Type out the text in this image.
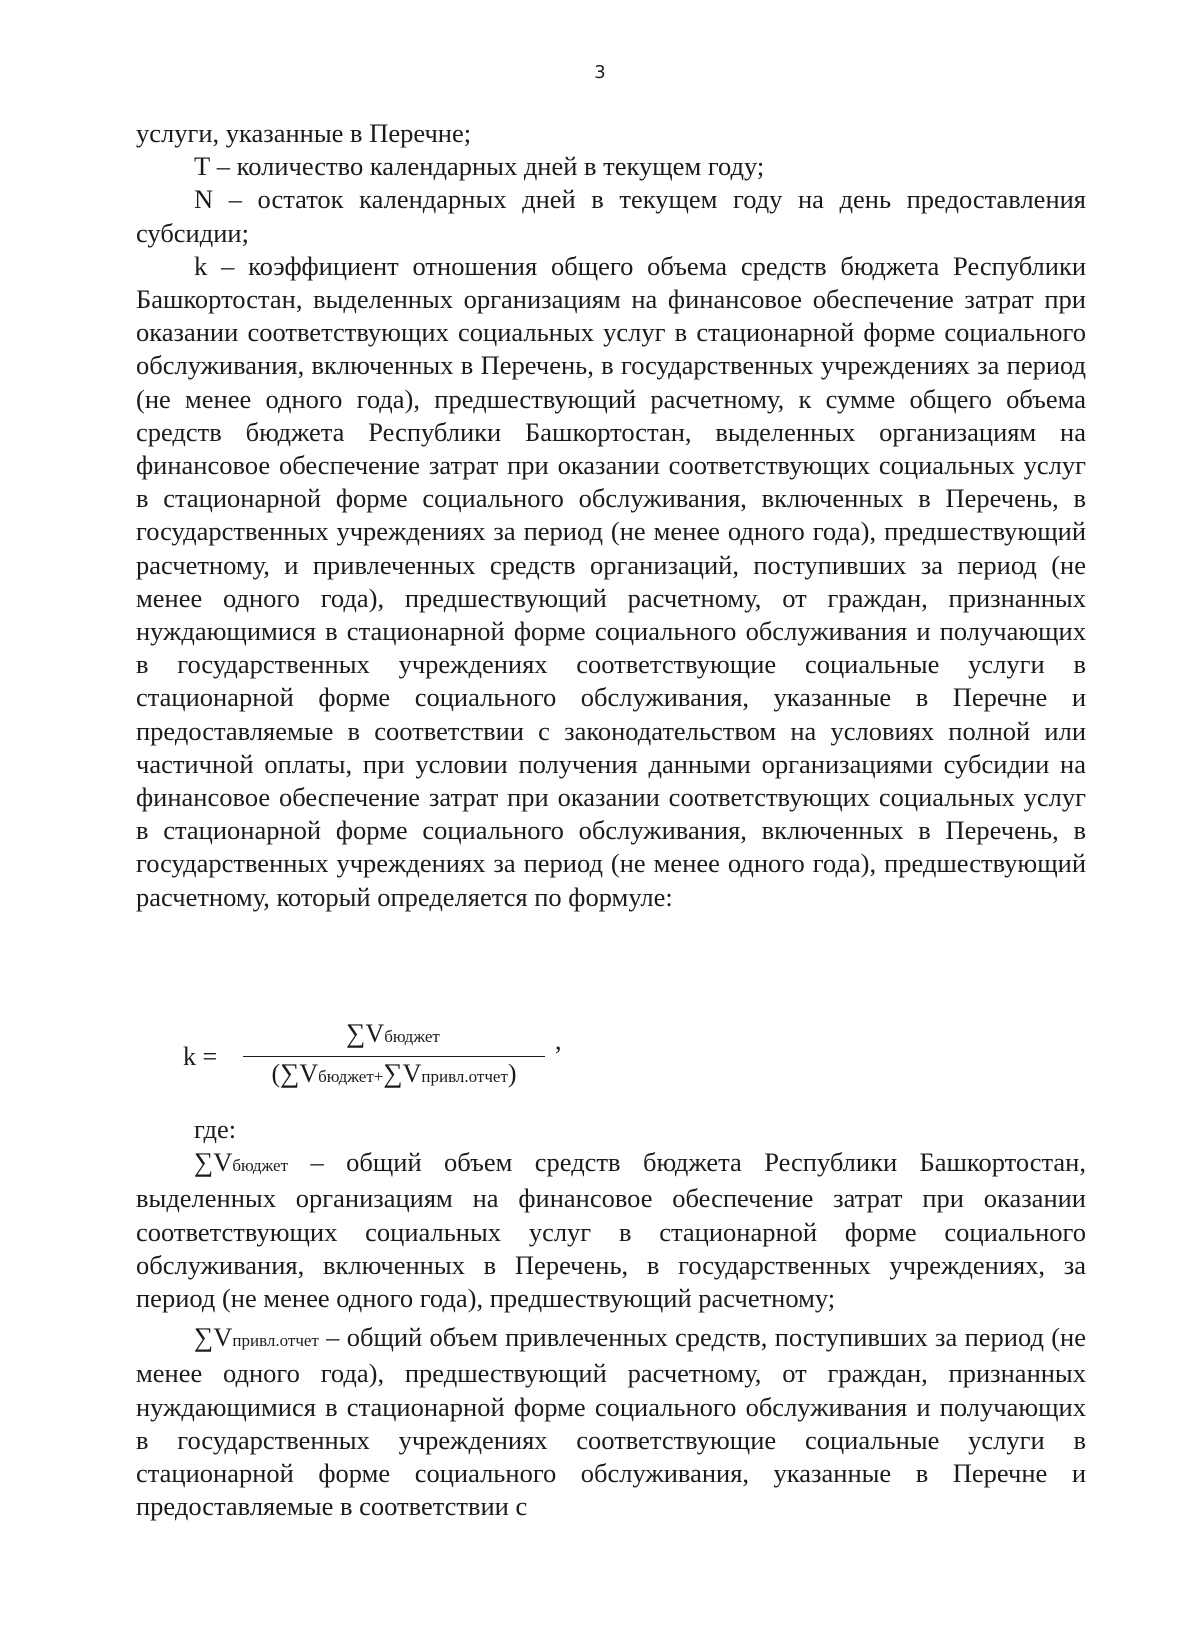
3

услуги, указанные в Перечне;

Т – количество календарных дней в текущем году;

N – остаток календарных дней в текущем году на день предоставления субсидии;

k – коэффициент отношения общего объема средств бюджета Республики Башкортостан, выделенных организациям на финансовое обеспечение затрат при оказании соответствующих социальных услуг в стационарной форме социального обслуживания, включенных в Перечень, в государственных учреждениях за период (не менее одного года), предшествующий расчетному, к сумме общего объема средств бюджета Республики Башкортостан, выделенных организациям на финансовое обеспечение затрат при оказании соответствующих социальных услуг в стационарной форме социального обслуживания, включенных в Перечень, в государственных учреждениях за период (не менее одного года), предшествующий расчетному, и привлеченных средств организаций, поступивших за период (не менее одного года), предшествующий расчетному, от граждан, признанных нуждающимися в стационарной форме социального обслуживания и получающих в государственных учреждениях соответствующие социальные услуги в стационарной форме социального обслуживания, указанные в Перечне и предоставляемые в соответствии с законодательством на условиях полной или частичной оплаты, при условии получения данными организациями субсидии на финансовое обеспечение затрат при оказании соответствующих социальных услуг в стационарной форме социального обслуживания, включенных в Перечень, в государственных учреждениях за период (не менее одного года), предшествующий расчетному, который определяется по формуле:

k =
∑Vбюджет
(∑Vбюджет+∑Vпривл.отчет)
,
где:

∑Vбюджет – общий объем средств бюджета Республики Башкортостан, выделенных организациям на финансовое обеспечение затрат при оказании соответствующих социальных услуг в стационарной форме социального обслуживания, включенных в Перечень, в государственных учреждениях, за период (не менее одного года), предшествующий расчетному;

∑Vпривл.отчет – общий объем привлеченных средств, поступивших за период (не менее одного года), предшествующий расчетному, от граждан, признанных нуждающимися в стационарной форме социального обслуживания и получающих в государственных учреждениях соответствующие социальные услуги в стационарной форме социального обслуживания, указанные в Перечне и предоставляемые в соответствии с
